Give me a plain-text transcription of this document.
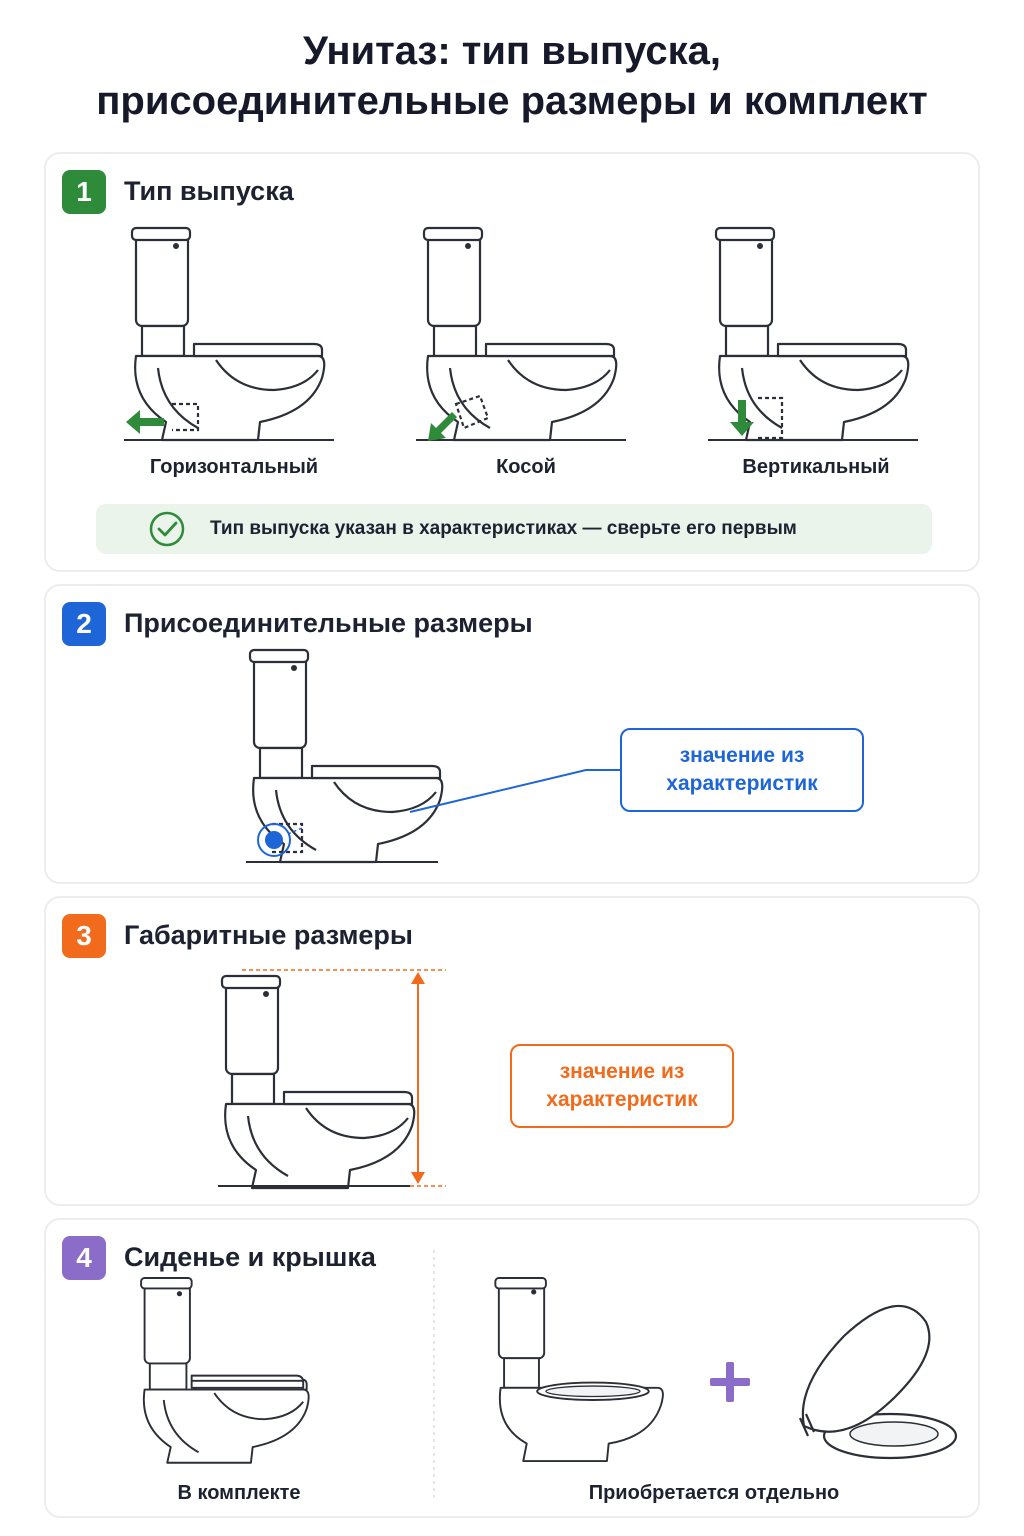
Унитаз: тип выпуска,
присоединительные размеры и комплект
1	Тип выпуска
Горизонтальный	Косой	Вертикальный
Тип выпуска указан в характеристиках — сверьте его первым
2	Присоединительные размеры
значение из
характеристик
3	Габаритные размеры
значение из
характеристик
4	Сиденье и крышка
В комплекте	Приобретается отдельно
